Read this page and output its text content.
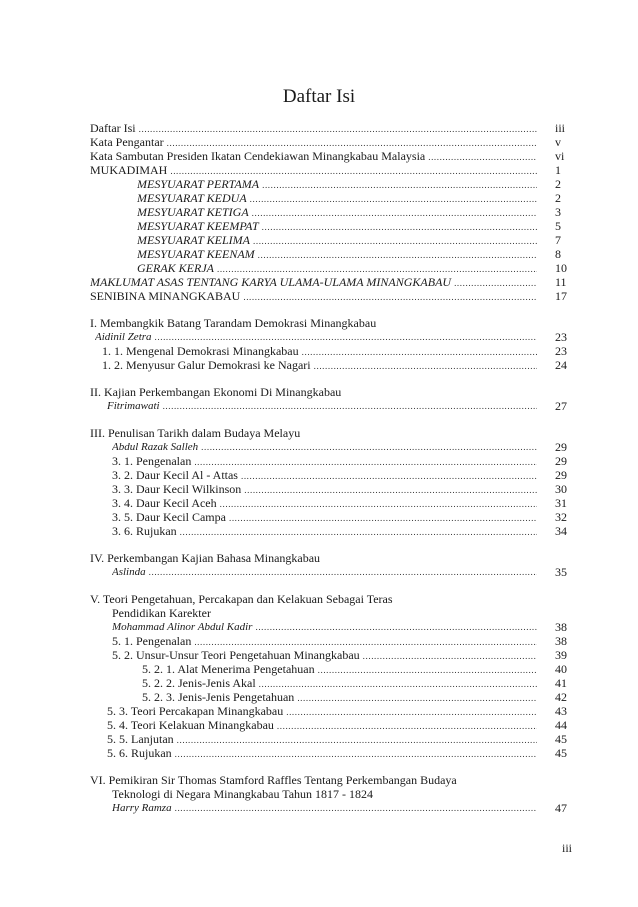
Daftar Isi
Daftar Isi .....	iii
Kata Pengantar .....	v
Kata Sambutan Presiden Ikatan Cendekiawan Minangkabau Malaysia .....	vi
MUKADIMAH .....	1
MESYUARAT PERTAMA .....	2
MESYUARAT KEDUA .....	2
MESYUARAT KETIGA .....	3
MESYUARAT KEEMPAT .....	5
MESYUARAT KELIMA .....	7
MESYUARAT KEENAM .....	8
GERAK KERJA .....	10
MAKLUMAT ASAS TENTANG KARYA ULAMA-ULAMA MINANGKABAU .....	11
SENIBINA MINANGKABAU .....	17
I. Membangkik Batang Tarandam Demokrasi Minangkabau
Aidinil Zetra .....	23
1. 1. Mengenal Demokrasi Minangkabau .....	23
1. 2. Menyusur Galur Demokrasi ke Nagari .....	24
II. Kajian Perkembangan Ekonomi Di Minangkabau
Fitrimawati .....	27
III. Penulisan Tarikh dalam Budaya Melayu
Abdul Razak Salleh .....	29
3. 1. Pengenalan .....	29
3. 2. Daur Kecil Al - Attas .....	29
3. 3. Daur Kecil Wilkinson .....	30
3. 4. Daur Kecil Aceh .....	31
3. 5. Daur Kecil Campa .....	32
3. 6. Rujukan .....	34
IV. Perkembangan Kajian Bahasa Minangkabau
Aslinda .....	35
V. Teori Pengetahuan, Percakapan dan Kelakuan Sebagai Teras
Pendidikan Karekter
Mohammad Alinor Abdul Kadir .....	38
5. 1. Pengenalan .....	38
5. 2. Unsur-Unsur Teori Pengetahuan Minangkabau .....	39
5. 2. 1. Alat Menerima Pengetahuan .....	40
5. 2. 2. Jenis-Jenis Akal .....	41
5. 2. 3. Jenis-Jenis Pengetahuan .....	42
5. 3. Teori Percakapan Minangkabau .....	43
5. 4. Teori Kelakuan Minangkabau .....	44
5. 5. Lanjutan .....	45
5. 6. Rujukan .....	45
VI. Pemikiran Sir Thomas Stamford Raffles Tentang Perkembangan Budaya
Teknologi di Negara Minangkabau Tahun 1817 - 1824
Harry Ramza .....	47
iii
